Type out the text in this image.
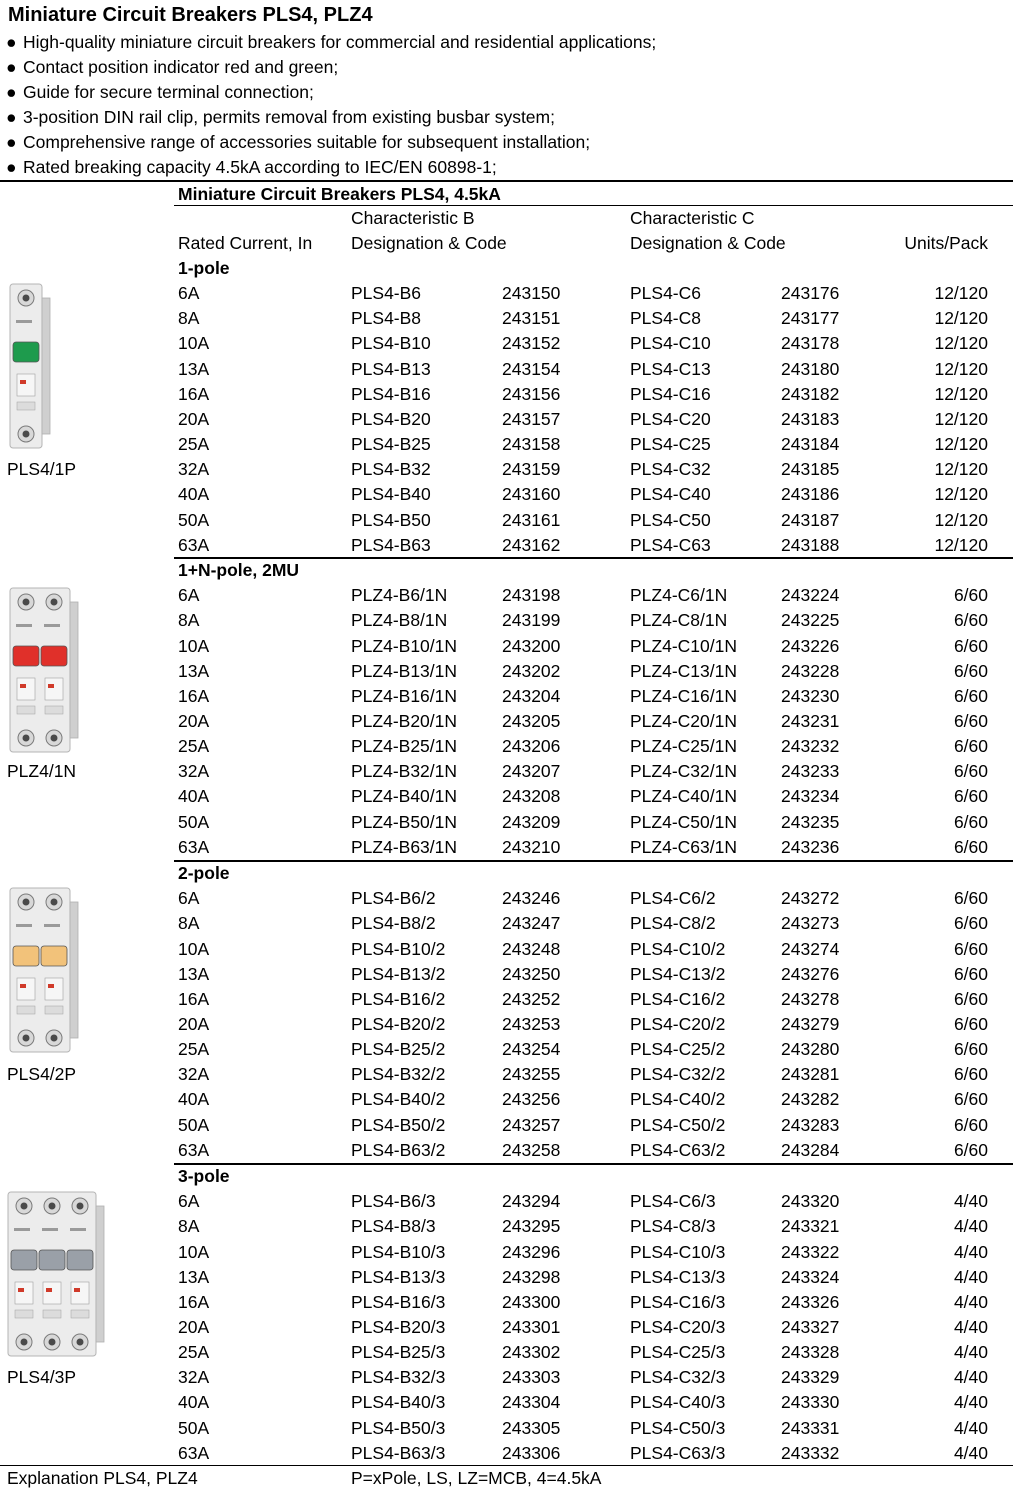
Miniature Circuit Breakers PLS4, PLZ4
● High-quality miniature circuit breakers for commercial and residential applications;
● Contact position indicator red and green;
● Guide for secure terminal connection;
● 3-position DIN rail clip, permits removal from existing busbar system;
● Comprehensive range of accessories suitable for subsequent installation;
● Rated breaking capacity 4.5kA according to IEC/EN 60898-1;
Miniature Circuit Breakers PLS4, 4.5kA
Characteristic B	Characteristic C
Rated Current, In Designation & Code	Designation & Code	Units/Pack
1-pole
6A	PLS4-B6	243150	PLS4-C6	243176	12/120
8A	PLS4-B8	243151	PLS4-C8	243177	12/120
10A	PLS4-B10	243152	PLS4-C10	243178	12/120
13A	PLS4-B13	243154	PLS4-C13	243180	12/120
16A	PLS4-B16	243156	PLS4-C16	243182	12/120
20A	PLS4-B20	243157	PLS4-C20	243183	12/120
25A	PLS4-B25	243158	PLS4-C25	243184	12/120
32A	PLS4-B32	243159	PLS4-C32	243185	12/120
40A	PLS4-B40	243160	PLS4-C40	243186	12/120
50A	PLS4-B50	243161	PLS4-C50	243187	12/120
63A	PLS4-B63	243162	PLS4-C63	243188	12/120
PLS4/1P
1+N-pole, 2MU
6A	PLZ4-B6/1N	243198	PLZ4-C6/1N	243224	6/60
8A	PLZ4-B8/1N	243199	PLZ4-C8/1N	243225	6/60
10A	PLZ4-B10/1N	243200	PLZ4-C10/1N	243226	6/60
13A	PLZ4-B13/1N	243202	PLZ4-C13/1N	243228	6/60
16A	PLZ4-B16/1N	243204	PLZ4-C16/1N	243230	6/60
20A	PLZ4-B20/1N	243205	PLZ4-C20/1N	243231	6/60
25A	PLZ4-B25/1N	243206	PLZ4-C25/1N	243232	6/60
32A	PLZ4-B32/1N	243207	PLZ4-C32/1N	243233	6/60
40A	PLZ4-B40/1N	243208	PLZ4-C40/1N	243234	6/60
50A	PLZ4-B50/1N	243209	PLZ4-C50/1N	243235	6/60
63A	PLZ4-B63/1N	243210	PLZ4-C63/1N	243236	6/60
PLZ4/1N
2-pole
6A	PLS4-B6/2	243246	PLS4-C6/2	243272	6/60
8A	PLS4-B8/2	243247	PLS4-C8/2	243273	6/60
10A	PLS4-B10/2	243248	PLS4-C10/2	243274	6/60
13A	PLS4-B13/2	243250	PLS4-C13/2	243276	6/60
16A	PLS4-B16/2	243252	PLS4-C16/2	243278	6/60
20A	PLS4-B20/2	243253	PLS4-C20/2	243279	6/60
25A	PLS4-B25/2	243254	PLS4-C25/2	243280	6/60
32A	PLS4-B32/2	243255	PLS4-C32/2	243281	6/60
40A	PLS4-B40/2	243256	PLS4-C40/2	243282	6/60
50A	PLS4-B50/2	243257	PLS4-C50/2	243283	6/60
63A	PLS4-B63/2	243258	PLS4-C63/2	243284	6/60
PLS4/2P
3-pole
6A	PLS4-B6/3	243294	PLS4-C6/3	243320	4/40
8A	PLS4-B8/3	243295	PLS4-C8/3	243321	4/40
10A	PLS4-B10/3	243296	PLS4-C10/3	243322	4/40
13A	PLS4-B13/3	243298	PLS4-C13/3	243324	4/40
16A	PLS4-B16/3	243300	PLS4-C16/3	243326	4/40
20A	PLS4-B20/3	243301	PLS4-C20/3	243327	4/40
25A	PLS4-B25/3	243302	PLS4-C25/3	243328	4/40
32A	PLS4-B32/3	243303	PLS4-C32/3	243329	4/40
40A	PLS4-B40/3	243304	PLS4-C40/3	243330	4/40
50A	PLS4-B50/3	243305	PLS4-C50/3	243331	4/40
63A	PLS4-B63/3	243306	PLS4-C63/3	243332	4/40
PLS4/3P
Explanation PLS4, PLZ4	P=xPole, LS, LZ=MCB, 4=4.5kA
